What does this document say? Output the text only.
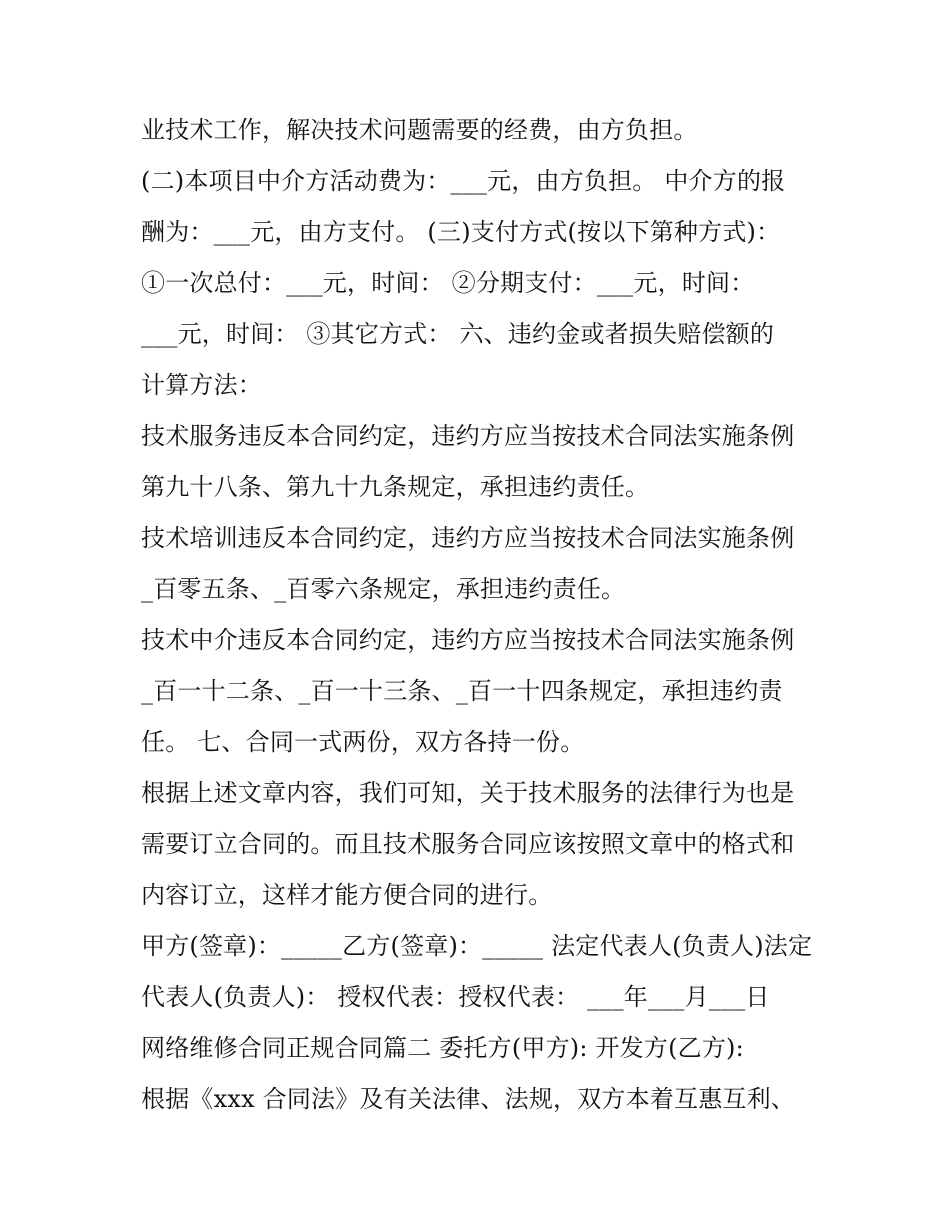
业技术工作，解决技术问题需要的经费，由方负担。
(二)本项目中介方活动费为：___元，由方负担。 中介方的报
酬为：___元，由方支付。 (三)支付方式(按以下第种方式)：
①一次总付：___元，时间： ②分期支付：___元，时间：
___元，时间： ③其它方式： 六、违约金或者损失赔偿额的
计算方法：
技术服务违反本合同约定，违约方应当按技术合同法实施条例
第九十八条、第九十九条规定，承担违约责任。
技术培训违反本合同约定，违约方应当按技术合同法实施条例
_百零五条、_百零六条规定，承担违约责任。
技术中介违反本合同约定，违约方应当按技术合同法实施条例
_百一十二条、_百一十三条、_百一十四条规定，承担违约责
任。 七、合同一式两份，双方各持一份。
根据上述文章内容，我们可知，关于技术服务的法律行为也是
需要订立合同的。而且技术服务合同应该按照文章中的格式和
内容订立，这样才能方便合同的进行。
甲方(签章)：_____乙方(签章)：_____ 法定代表人(负责人)法定
代表人(负责人)： 授权代表：授权代表： ___年___月___日
网络维修合同正规合同篇二 委托方(甲方): 开发方(乙方):
根据《xxx 合同法》及有关法律、法规，双方本着互惠互利、
